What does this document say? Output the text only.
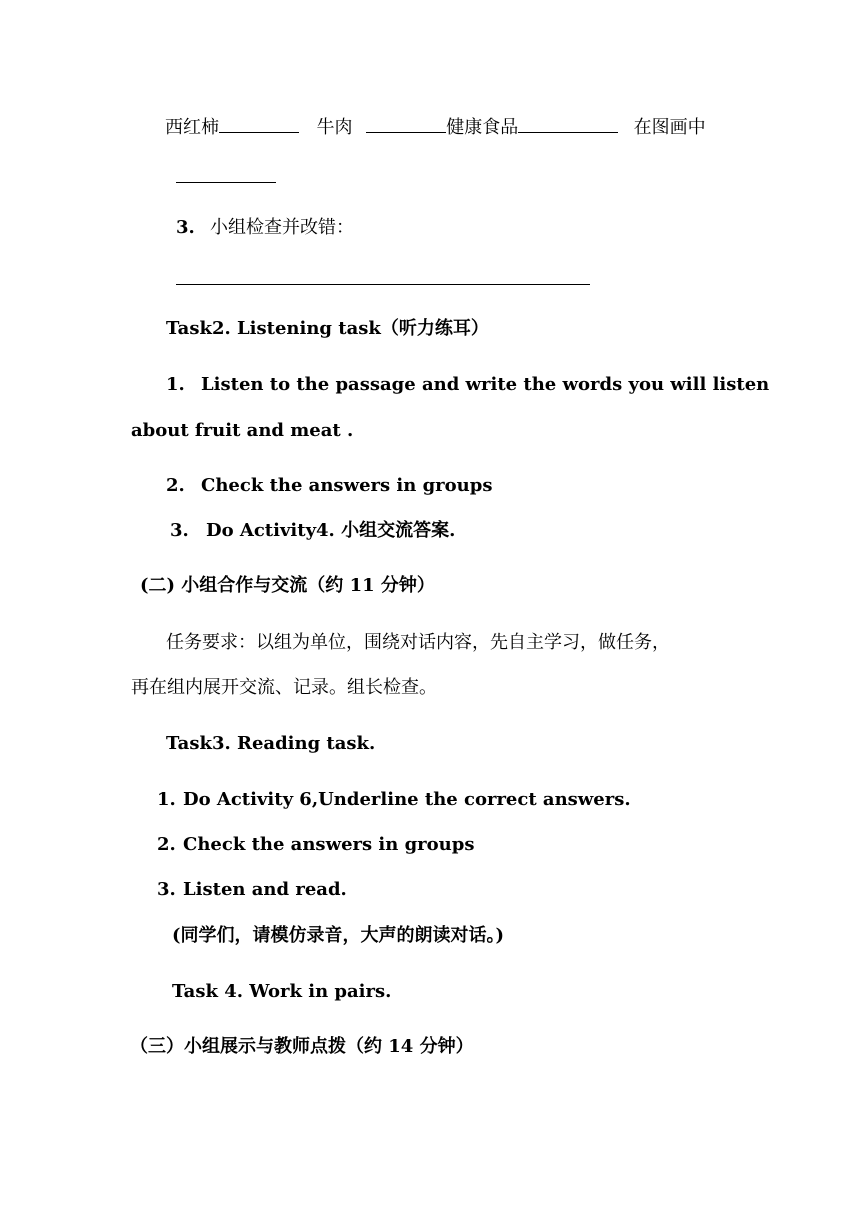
西红柿	牛肉	健康食品	在图画中
3. 小组检查并改错：
Task2. Listening task（听力练耳）
1. Listen to the passage and write the words you will listen
about fruit and meat .
2. Check the answers in groups
3. Do Activity4. 小组交流答案.
(二) 小组合作与交流（约 11 分钟）
任务要求：以组为单位，围绕对话内容，先自主学习，做任务，
再在组内展开交流、记录。组长检查。
Task3. Reading task.
1. Do Activity 6,Underline the correct answers.
2. Check the answers in groups
3. Listen and read.
(同学们，请模仿录音，大声的朗读对话。)
Task 4. Work in pairs.
（三）小组展示与教师点拨（约 14 分钟）
